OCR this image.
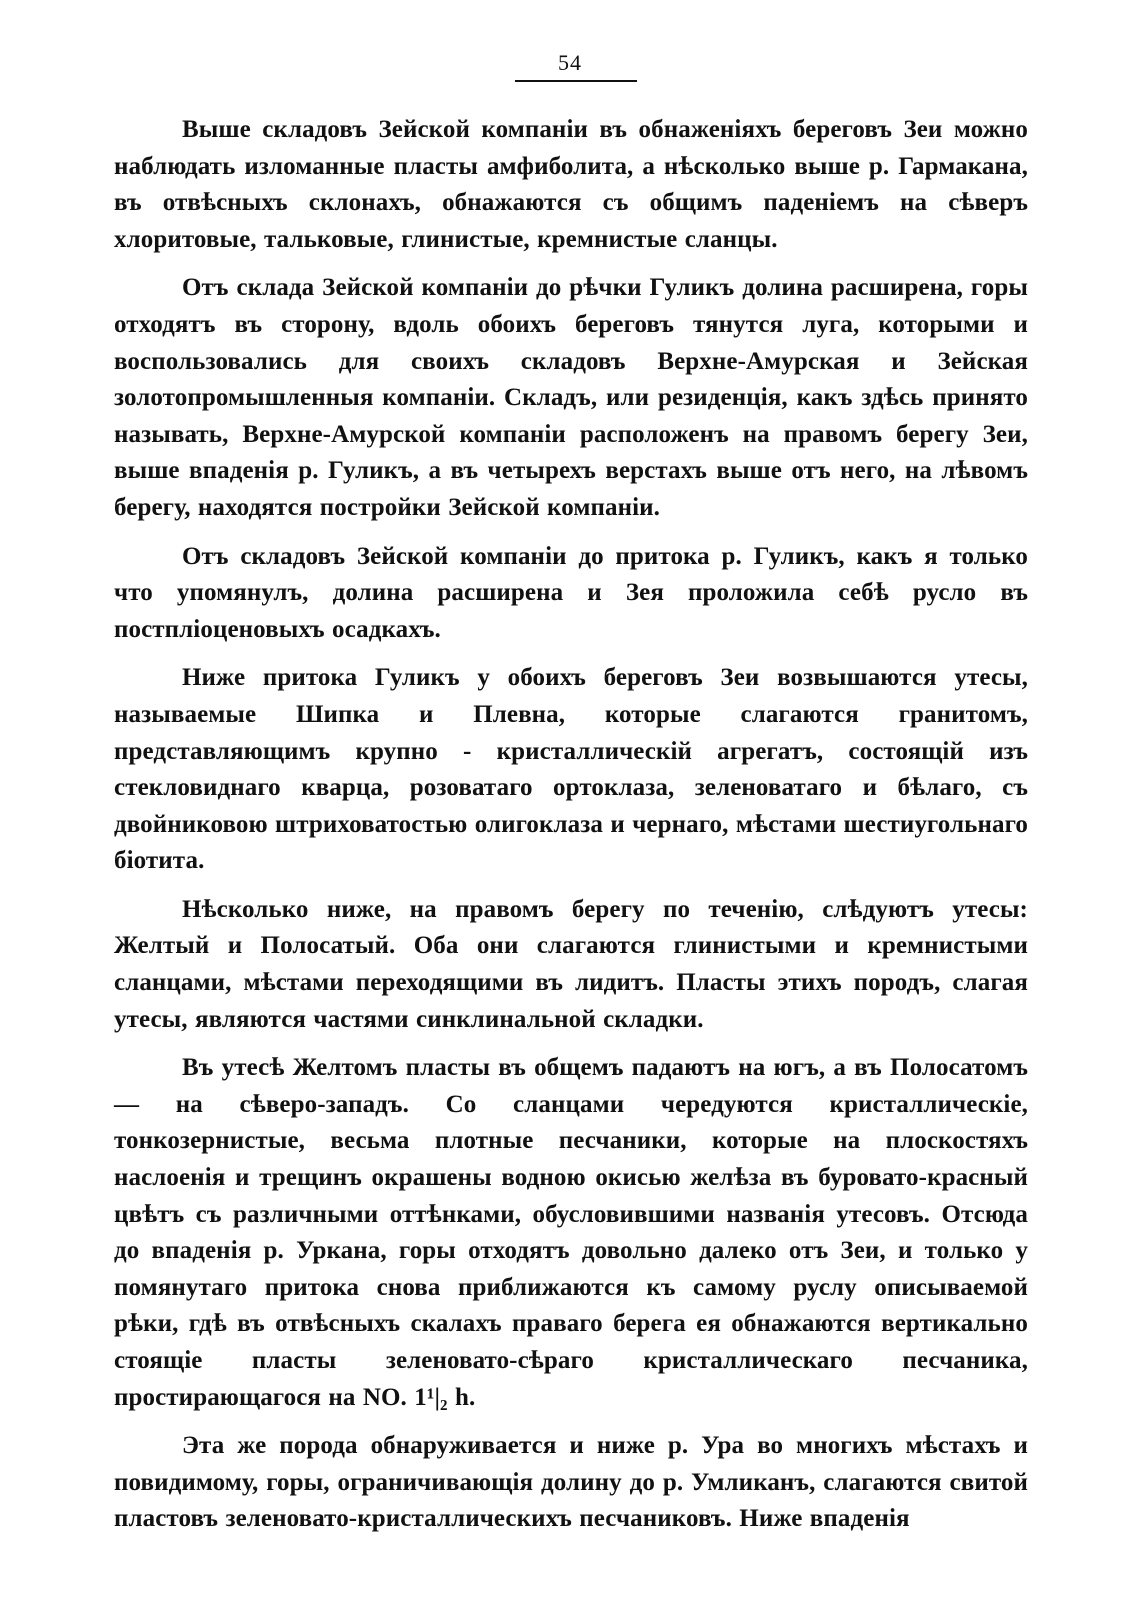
54

Выше складовъ Зейской компаніи въ обнаженіяхъ береговъ Зеи можно наблюдать изломанные пласты амфиболита, а нѣсколько выше р. Гармакана, въ отвѣсныхъ склонахъ, обнажаются съ общимъ паденіемъ на сѣверъ хлоритовые, тальковые, глинистые, кремнистые сланцы.

Отъ склада Зейской компаніи до рѣчки Гуликъ долина расширена, горы отходятъ въ сторону, вдоль обоихъ береговъ тянутся луга, которыми и воспользовались для своихъ складовъ Верхне-Амурская и Зейская золотопромышленныя компаніи. Складъ, или резиденція, какъ здѣсь принято называть, Верхне-Амурской компаніи расположенъ на правомъ берегу Зеи, выше впаденія р. Гуликъ, а въ четырехъ верстахъ выше отъ него, на лѣвомъ берегу, находятся постройки Зейской компаніи.

Отъ складовъ Зейской компаніи до притока р. Гуликъ, какъ я только что упомянулъ, долина расширена и Зея проложила себѣ русло въ постпліоценовыхъ осадкахъ.

Ниже притока Гуликъ у обоихъ береговъ Зеи возвышаются утесы, называемые Шипка и Плевна, которые слагаются гранитомъ, представляющимъ крупно - кристаллическій агрегатъ, состоящій изъ стекловиднаго кварца, розоватаго ортоклаза, зеленоватаго и бѣлаго, съ двойниковою штриховатостью олигоклаза и чернаго, мѣстами шестиугольнаго біотита.

Нѣсколько ниже, на правомъ берегу по теченію, слѣдуютъ утесы: Желтый и Полосатый. Оба они слагаются глинистыми и кремнистыми сланцами, мѣстами переходящими въ лидитъ. Пласты этихъ породъ, слагая утесы, являются частями синклинальной складки.

Въ утесѣ Желтомъ пласты въ общемъ падаютъ на югъ, а въ Полосатомъ — на сѣверо-западъ. Со сланцами чередуются кристаллическіе, тонкозернистые, весьма плотные песчаники, которые на плоскостяхъ наслоенія и трещинъ окрашены водною окисью желѣза въ буровато-красный цвѣтъ съ различными оттѣнками, обусловившими названія утесовъ. Отсюда до впаденія р. Уркана, горы отходятъ довольно далеко отъ Зеи, и только у помянутаго притока снова приближаются къ самому руслу описываемой рѣки, гдѣ въ отвѣсныхъ скалахъ праваго берега ея обнажаются вертикально стоящіе пласты зеленовато-сѣраго кристаллическаго песчаника, простирающагося на NO. 1¹|₂ h.

Эта же порода обнаруживается и ниже р. Ура во многихъ мѣстахъ и повидимому, горы, ограничивающія долину до р. Умликанъ, слагаются свитой пластовъ зеленовато-кристаллическихъ песчаниковъ. Ниже впаденія
